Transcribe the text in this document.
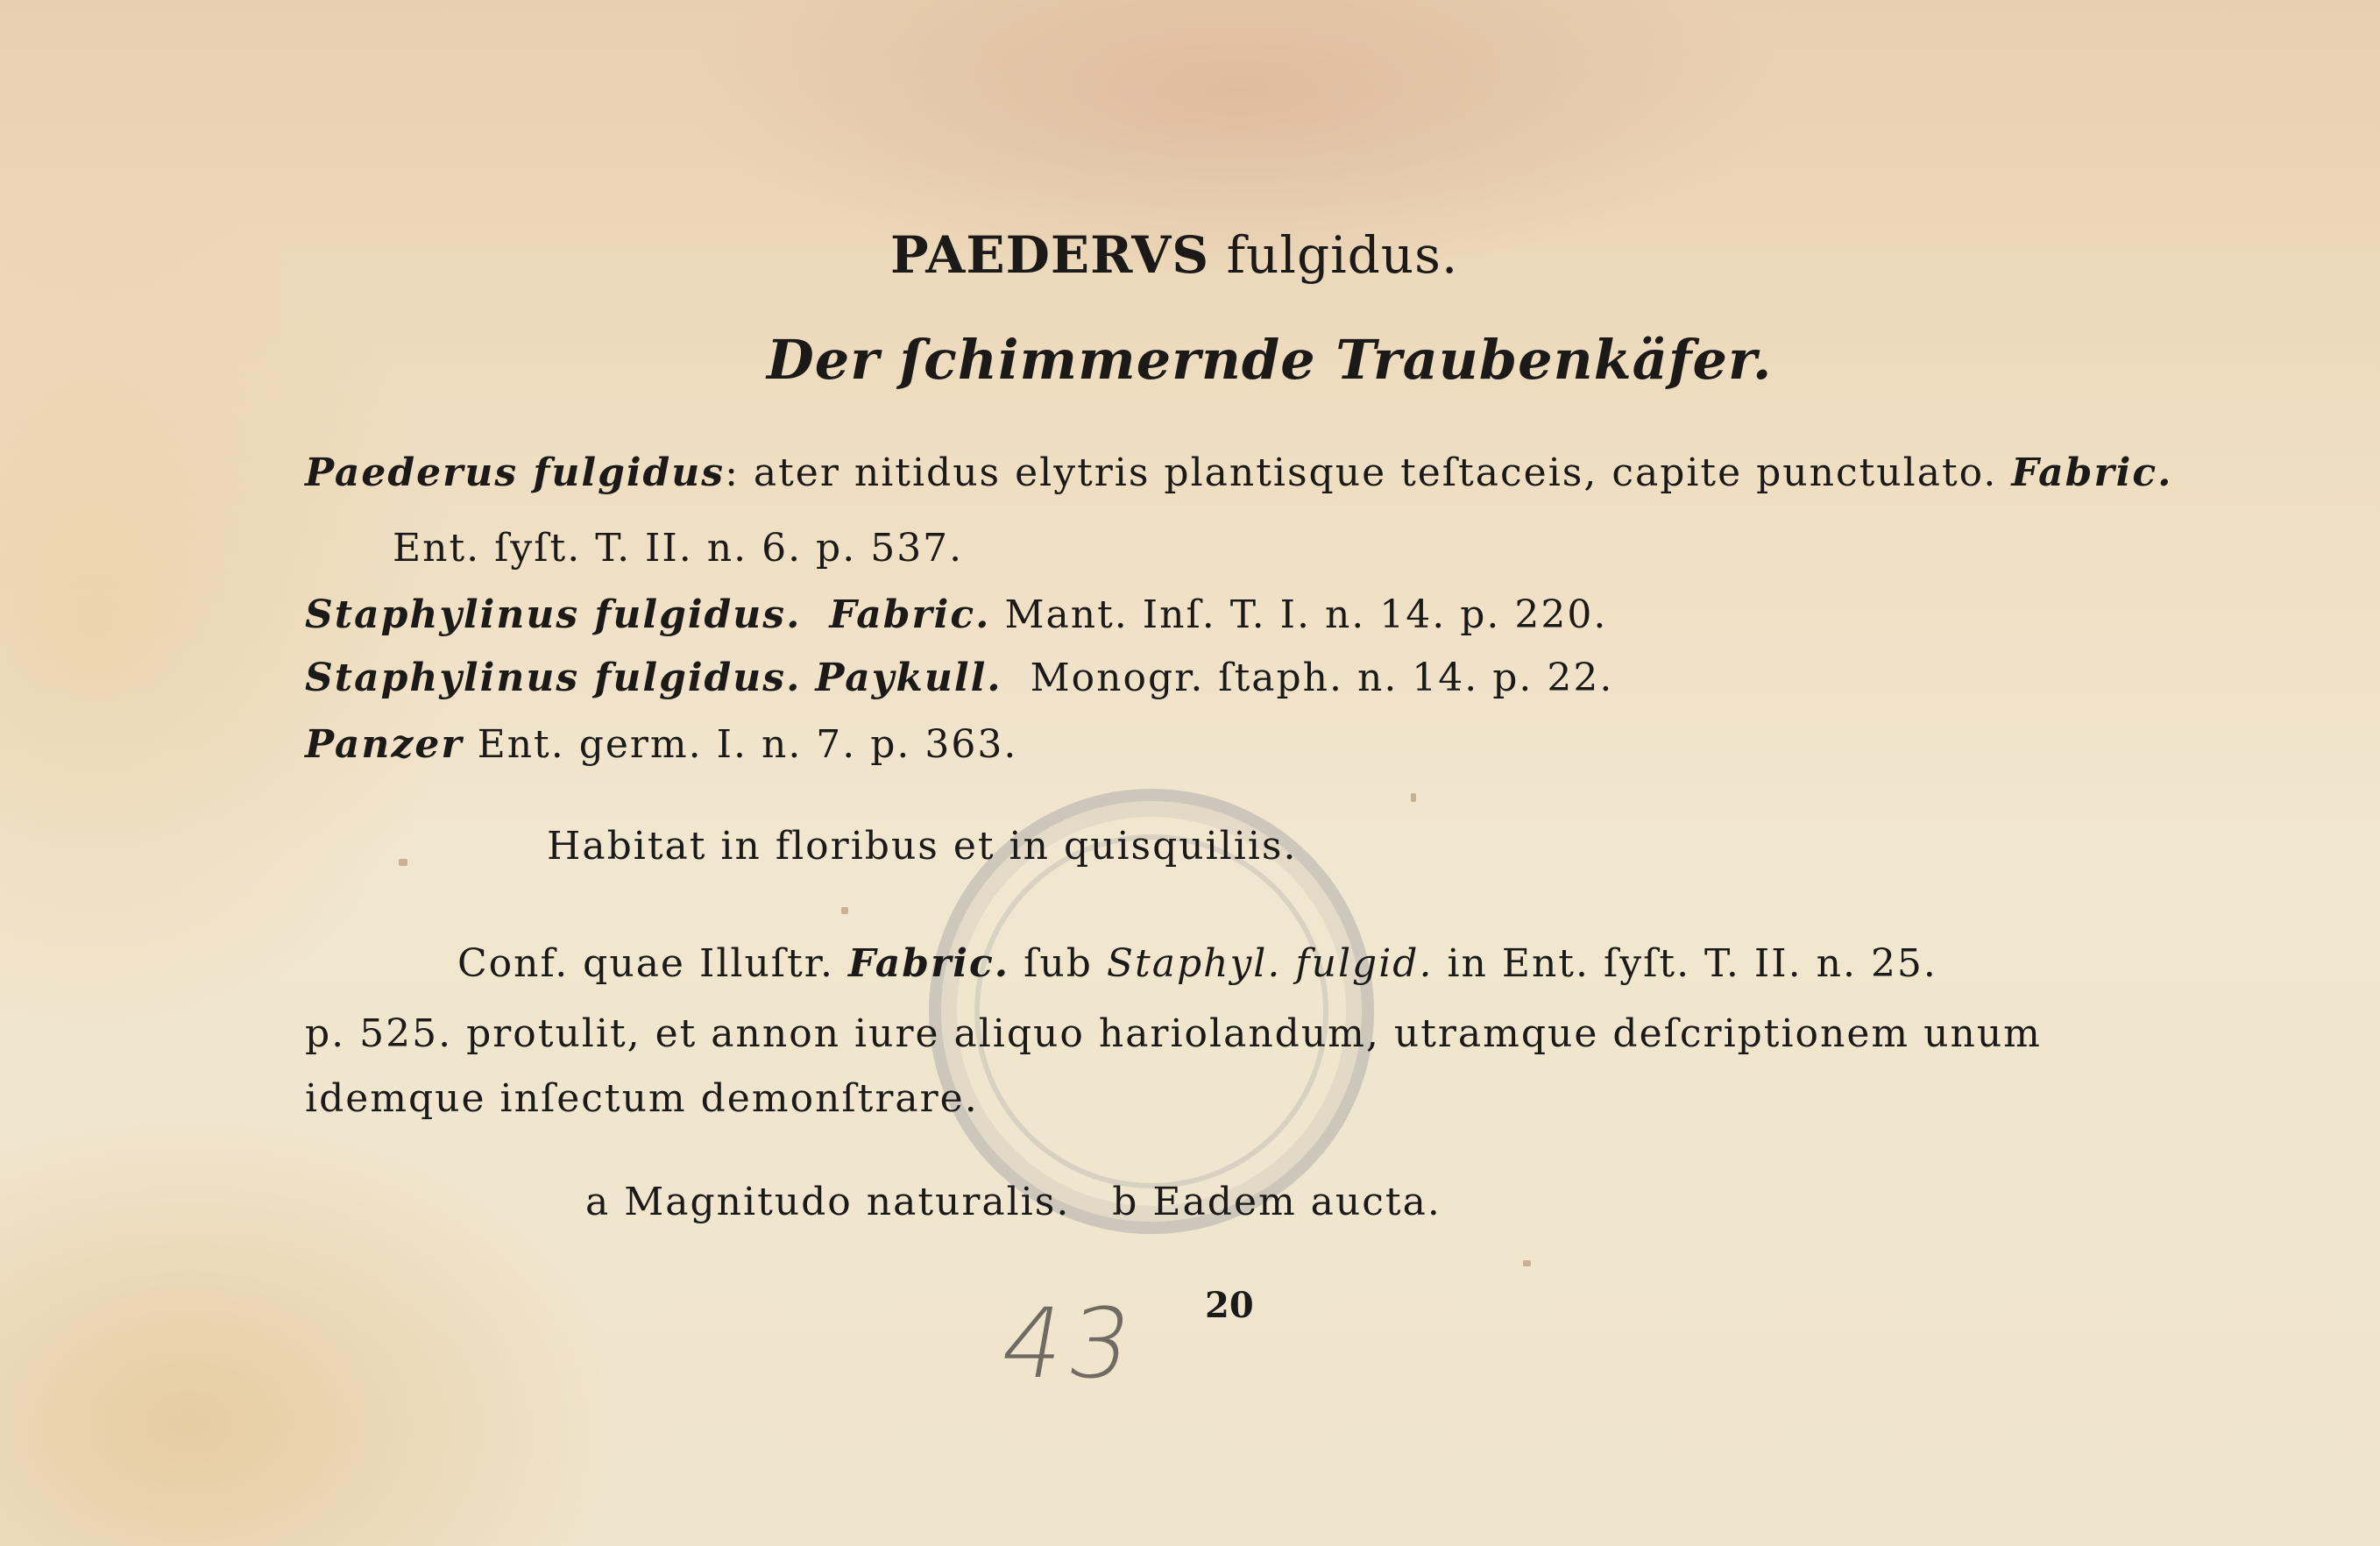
PAEDERVS fulgidus.
Der ſchimmernde Traubenkäfer.
Paederus fulgidus: ater nitidus elytris plantisque teſtaceis, capite punctulato. Fabric.
Ent. ſyſt. T. II. n. 6. p. 537.
Staphylinus fulgidus. Fabric. Mant. Inſ. T. I. n. 14. p. 220.
Staphylinus fulgidus. Paykull. Monogr. ſtaph. n. 14. p. 22.
Panzer Ent. germ. I. n. 7. p. 363.
Habitat in floribus et in quisquiliis.
Conf. quae Illuſtr. Fabric. ſub Staphyl. fulgid. in Ent. ſyſt. T. II. n. 25.
p. 525. protulit, et annon iure aliquo hariolandum, utramque deſcriptionem unum
idemque inſectum demonſtrare.
a Magnitudo naturalis.   b Eadem aucta.
43 20
